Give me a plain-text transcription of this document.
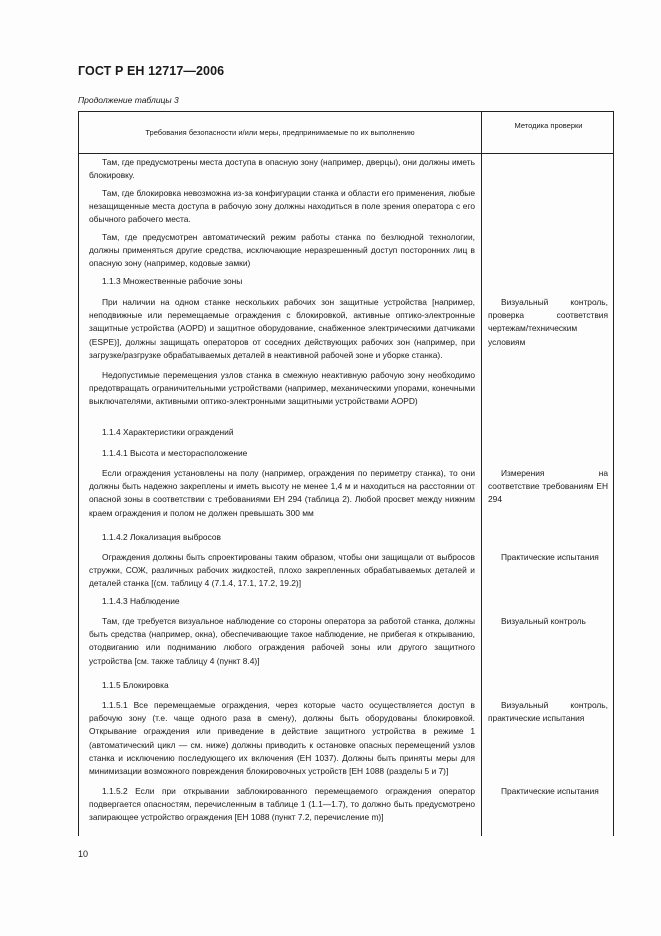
ГОСТ Р ЕН 12717—2006
Продолжение таблицы 3
Требования безопасности и/или меры, предпринимаемые по их выполнению
Методика проверки

Там, где предусмотрены места доступа в опасную зону (например, дверцы), они должны иметь блокировку.

Там, где блокировка невозможна из-за конфигурации станка и области его применения, любые незащищенные места доступа в рабочую зону должны находиться в поле зрения оператора с его обычного рабочего места.

Там, где предусмотрен автоматический режим работы станка по безлюдной технологии, должны применяться другие средства, исключающие неразрешенный доступ посторонних лиц в опасную зону (например, кодовые замки)

1.1.3 Множественные рабочие зоны

При наличии на одном станке нескольких рабочих зон защитные устройства [например, неподвижные или перемещаемые ограждения с блокировкой, активные оптико-электронные защитные устройства (AOPD) и защитное оборудование, снабженное электрическими датчиками (ESPE)], должны защищать операторов от соседних действующих рабочих зон (например, при загрузке/разгрузке обрабатываемых деталей в неактивной рабочей зоне и уборке станка).

Недопустимые перемещения узлов станка в смежную неактивную рабочую зону необходимо предотвращать ограничительными устройствами (например, механическими упорами, конечными выключателями, активными оптико-электронными защитными устройствами AOPD)

1.1.4 Характеристики ограждений

1.1.4.1 Высота и месторасположение

Если ограждения установлены на полу (например, ограждения по периметру станка), то они должны быть надежно закреплены и иметь высоту не менее 1,4 м и находиться на расстоянии от опасной зоны в соответствии с требованиями ЕН 294 (таблица 2). Любой просвет между нижним краем ограждения и полом не должен превышать 300 мм

1.1.4.2 Локализация выбросов

Ограждения должны быть спроектированы таким образом, чтобы они защищали от выбросов стружки, СОЖ, различных рабочих жидкостей, плохо закрепленных обрабатываемых деталей и деталей станка [(см. таблицу 4 (7.1.4, 17.1, 17.2, 19.2)]

1.1.4.3 Наблюдение

Там, где требуется визуальное наблюдение со стороны оператора за работой станка, должны быть средства (например, окна), обеспечивающие такое наблюдение, не прибегая к открыванию, отодвиганию или подниманию любого ограждения рабочей зоны или другого защитного устройства [см. также таблицу 4 (пункт 8.4)]

1.1.5 Блокировка

1.1.5.1 Все перемещаемые ограждения, через которые часто осуществляется доступ в рабочую зону (т.е. чаще одного раза в смену), должны быть оборудованы блокировкой. Открывание ограждения или приведение в действие защитного устройства в режиме 1 (автоматический цикл — см. ниже) должны приводить к остановке опасных перемещений узлов станка и исключению последующего их включения (ЕН 1037). Должны быть приняты меры для минимизации возможного повреждения блокировочных устройств [ЕН 1088 (разделы 5 и 7)]

1.1.5.2 Если при открывании заблокированного перемещаемого ограждения оператор подвергается опасностям, перечисленным в таблице 1 (1.1—1.7), то должно быть предусмотрено запирающее устройство ограждения [ЕН 1088 (пункт 7.2, перечисление m)]

Визуальный контроль, проверка соответствия чертежам/техническим условиям

Измерения на соответствие требованиям ЕН 294

Практические испытания

Визуальный контроль

Визуальный контроль, практические испытания

Практические испытания

10
